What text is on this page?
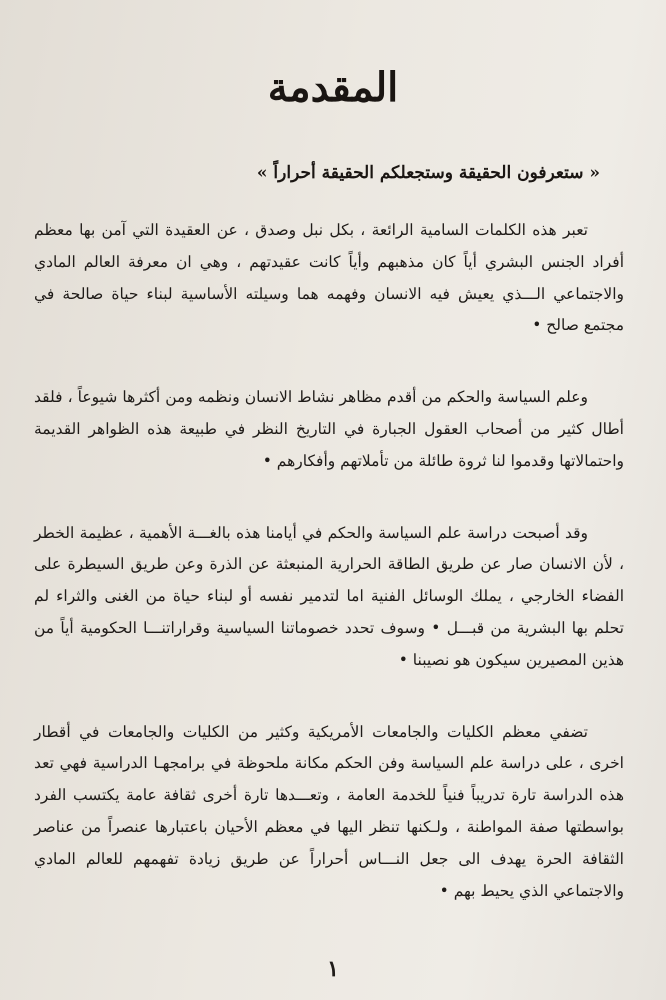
المقدمة
« ستعرفون الحقيقة وستجعلكم الحقيقة أحراراً »

تعبر هذه الكلمات السامية الرائعة ، بكل نبل وصدق ، عن العقيدة التي آمن بها معظم أفراد الجنس البشري أياً كان مذهبهم وأياً كانت عقيدتهم ، وهي ان معرفة العالم المادي والاجتماعي الـــذي يعيش فيه الانسان وفهمه هما وسيلته الأساسية لبناء حياة صالحة في مجتمع صالح •

وعلم السياسة والحكم من أقدم مظاهر نشاط الانسان ونظمه ومن أكثرها شيوعاً ، فلقد أطال كثير من أصحاب العقول الجبارة في التاريخ النظر في طبيعة هذه الظواهر القديمة واحتمالاتها وقدموا لنا ثروة طائلة من تأملاتهم وأفكارهم •

وقد أصبحت دراسة علم السياسة والحكم في أيامنا هذه بالغـــة الأهمية ، عظيمة الخطر ، لأن الانسان صار عن طريق الطاقة الحرارية المنبعثة عن الذرة وعن طريق السيطرة على الفضاء الخارجي ، يملك الوسائل الفنية اما لتدمير نفسه أو لبناء حياة من الغنى والثراء لم تحلم بها البشرية من قبـــل • وسوف تحدد خصوماتنا السياسية وقراراتنـــا الحكومية أياً من هذين المصيرين سيكون هو نصيبنا •

تضفي معظم الكليات والجامعات الأمريكية وكثير من الكليات والجامعات في أقطار اخرى ، على دراسة علم السياسة وفن الحكم مكانة ملحوظة في برامجهـا الدراسية فهي تعد هذه الدراسة تارة تدريباً فنياً للخدمة العامة ، وتعـــدها تارة أخرى ثقافة عامة يكتسب الفرد بواسطتها صفة المواطنة ، ولـكنها تنظر اليها في معظم الأحيان باعتبارها عنصراً من عناصر الثقافة الحرة يهدف الى جعل النـــاس أحراراً عن طريق زيادة تفهمهم للعالم المادي والاجتماعي الذي يحيط بهم •

١
